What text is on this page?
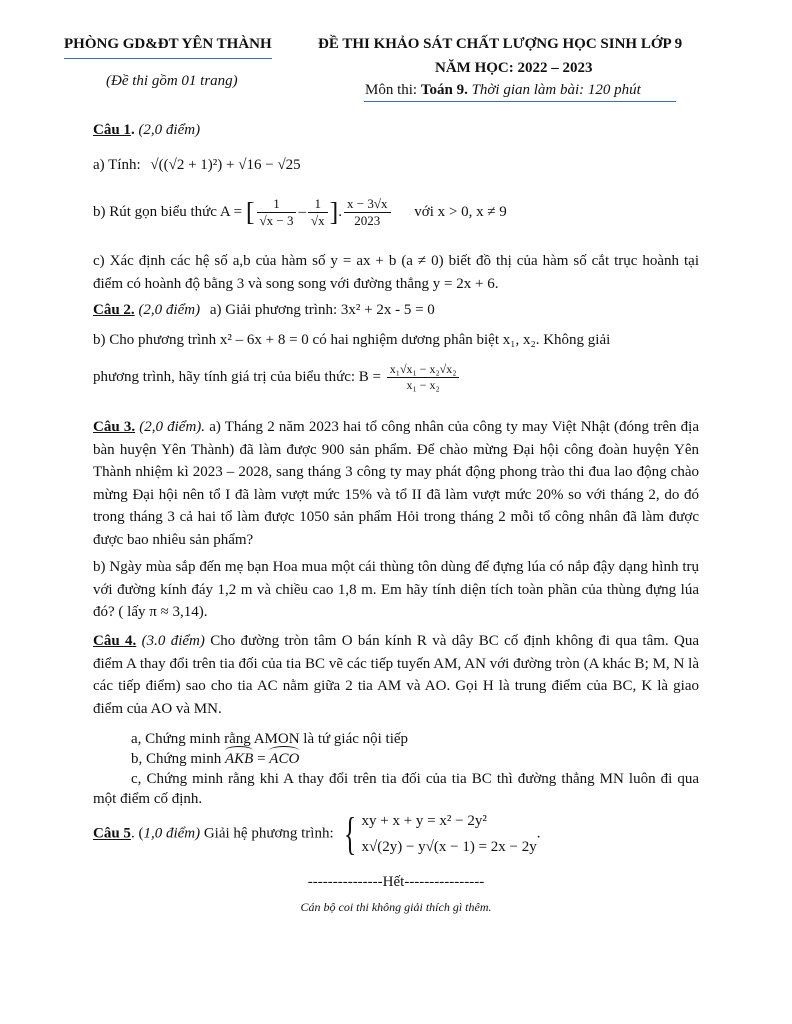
PHÒNG GD&ĐT YÊN THÀNH
(Đề thi gồm 01 trang)
ĐỀ THI KHẢO SÁT CHẤT LƯỢNG HỌC SINH LỚP 9
NĂM HỌC: 2022 – 2023
Môn thi: Toán 9. Thời gian làm bài: 120 phút
Câu 1. (2,0 điểm)
a) Tính: √((√2 + 1)²) + √16 − √25
b) Rút gọn biểu thức A = [ $\frac{1}{√x - 3} - \frac{1}{√x}$ ]. $\frac{x - 3√x}{2023}$ với x > 0, x ≠ 9
c) Xác định các hệ số a,b của hàm số y = ax + b (a ≠ 0) biết đồ thị của hàm số cắt trục hoành tại điểm có hoành độ bằng 3 và song song với đường thẳng y = 2x + 6.
Câu 2. (2,0 điểm) a) Giải phương trình: 3x² + 2x - 5 = 0
b) Cho phương trình x² – 6x + 8 = 0 có hai nghiệm dương phân biệt x₁, x₂. Không giải
phương trình, hãy tính giá trị của biểu thức: $B = \frac{\text{x₁√x₁ − x₂√x₂}}{\text{x₁ − x₂}}$
Câu 3. (2,0 điểm). a) Tháng 2 năm 2023 hai tổ công nhân của công ty may Việt Nhật (đóng trên địa bàn huyện Yên Thành) đã làm được 900 sản phẩm. Để chào mừng Đại hội công đoàn huyện Yên Thành nhiệm kì 2023 – 2028, sang tháng 3 công ty may phát động phong trào thi đua lao động chào mừng Đại hội nên tổ I đã làm vượt mức 15% và tổ II đã làm vượt mức 20% so với tháng 2, do đó trong tháng 3 cả hai tổ làm được 1050 sản phẩm Hỏi trong tháng 2 mỗi tổ công nhân đã làm được được bao nhiêu sản phẩm?
b) Ngày mùa sắp đến mẹ bạn Hoa mua một cái thùng tôn dùng để đựng lúa có nắp đậy dạng hình trụ với đường kính đáy 1,2 m và chiều cao 1,8 m. Em hãy tính diện tích toàn phần của thùng đựng lúa đó? ( lấy π ≈ 3,14).
Câu 4. (3.0 điểm) Cho đường tròn tâm O bán kính R và dây BC cố định không đi qua tâm. Qua điểm A thay đổi trên tia đối của tia BC vẽ các tiếp tuyến AM, AN với đường tròn (A khác B; M, N là các tiếp điểm) sao cho tia AC nằm giữa 2 tia AM và AO. Gọi H là trung điểm của BC, K là giao điểm của AO và MN.
a, Chứng minh rằng AMON là tứ giác nội tiếp
b, Chứng minh AKB = ACO
c, Chứng minh rằng khi A thay đổi trên tia đối của tia BC thì đường thẳng MN luôn đi qua một điểm cố định.
Câu 5. (1,0 điểm) Giải hệ phương trình: { xy + x + y = x² − 2y²
x√(2y) − y√(x − 1) = 2x − 2y
.
---------------Hết----------------
Cán bộ coi thi không giải thích gì thêm.
